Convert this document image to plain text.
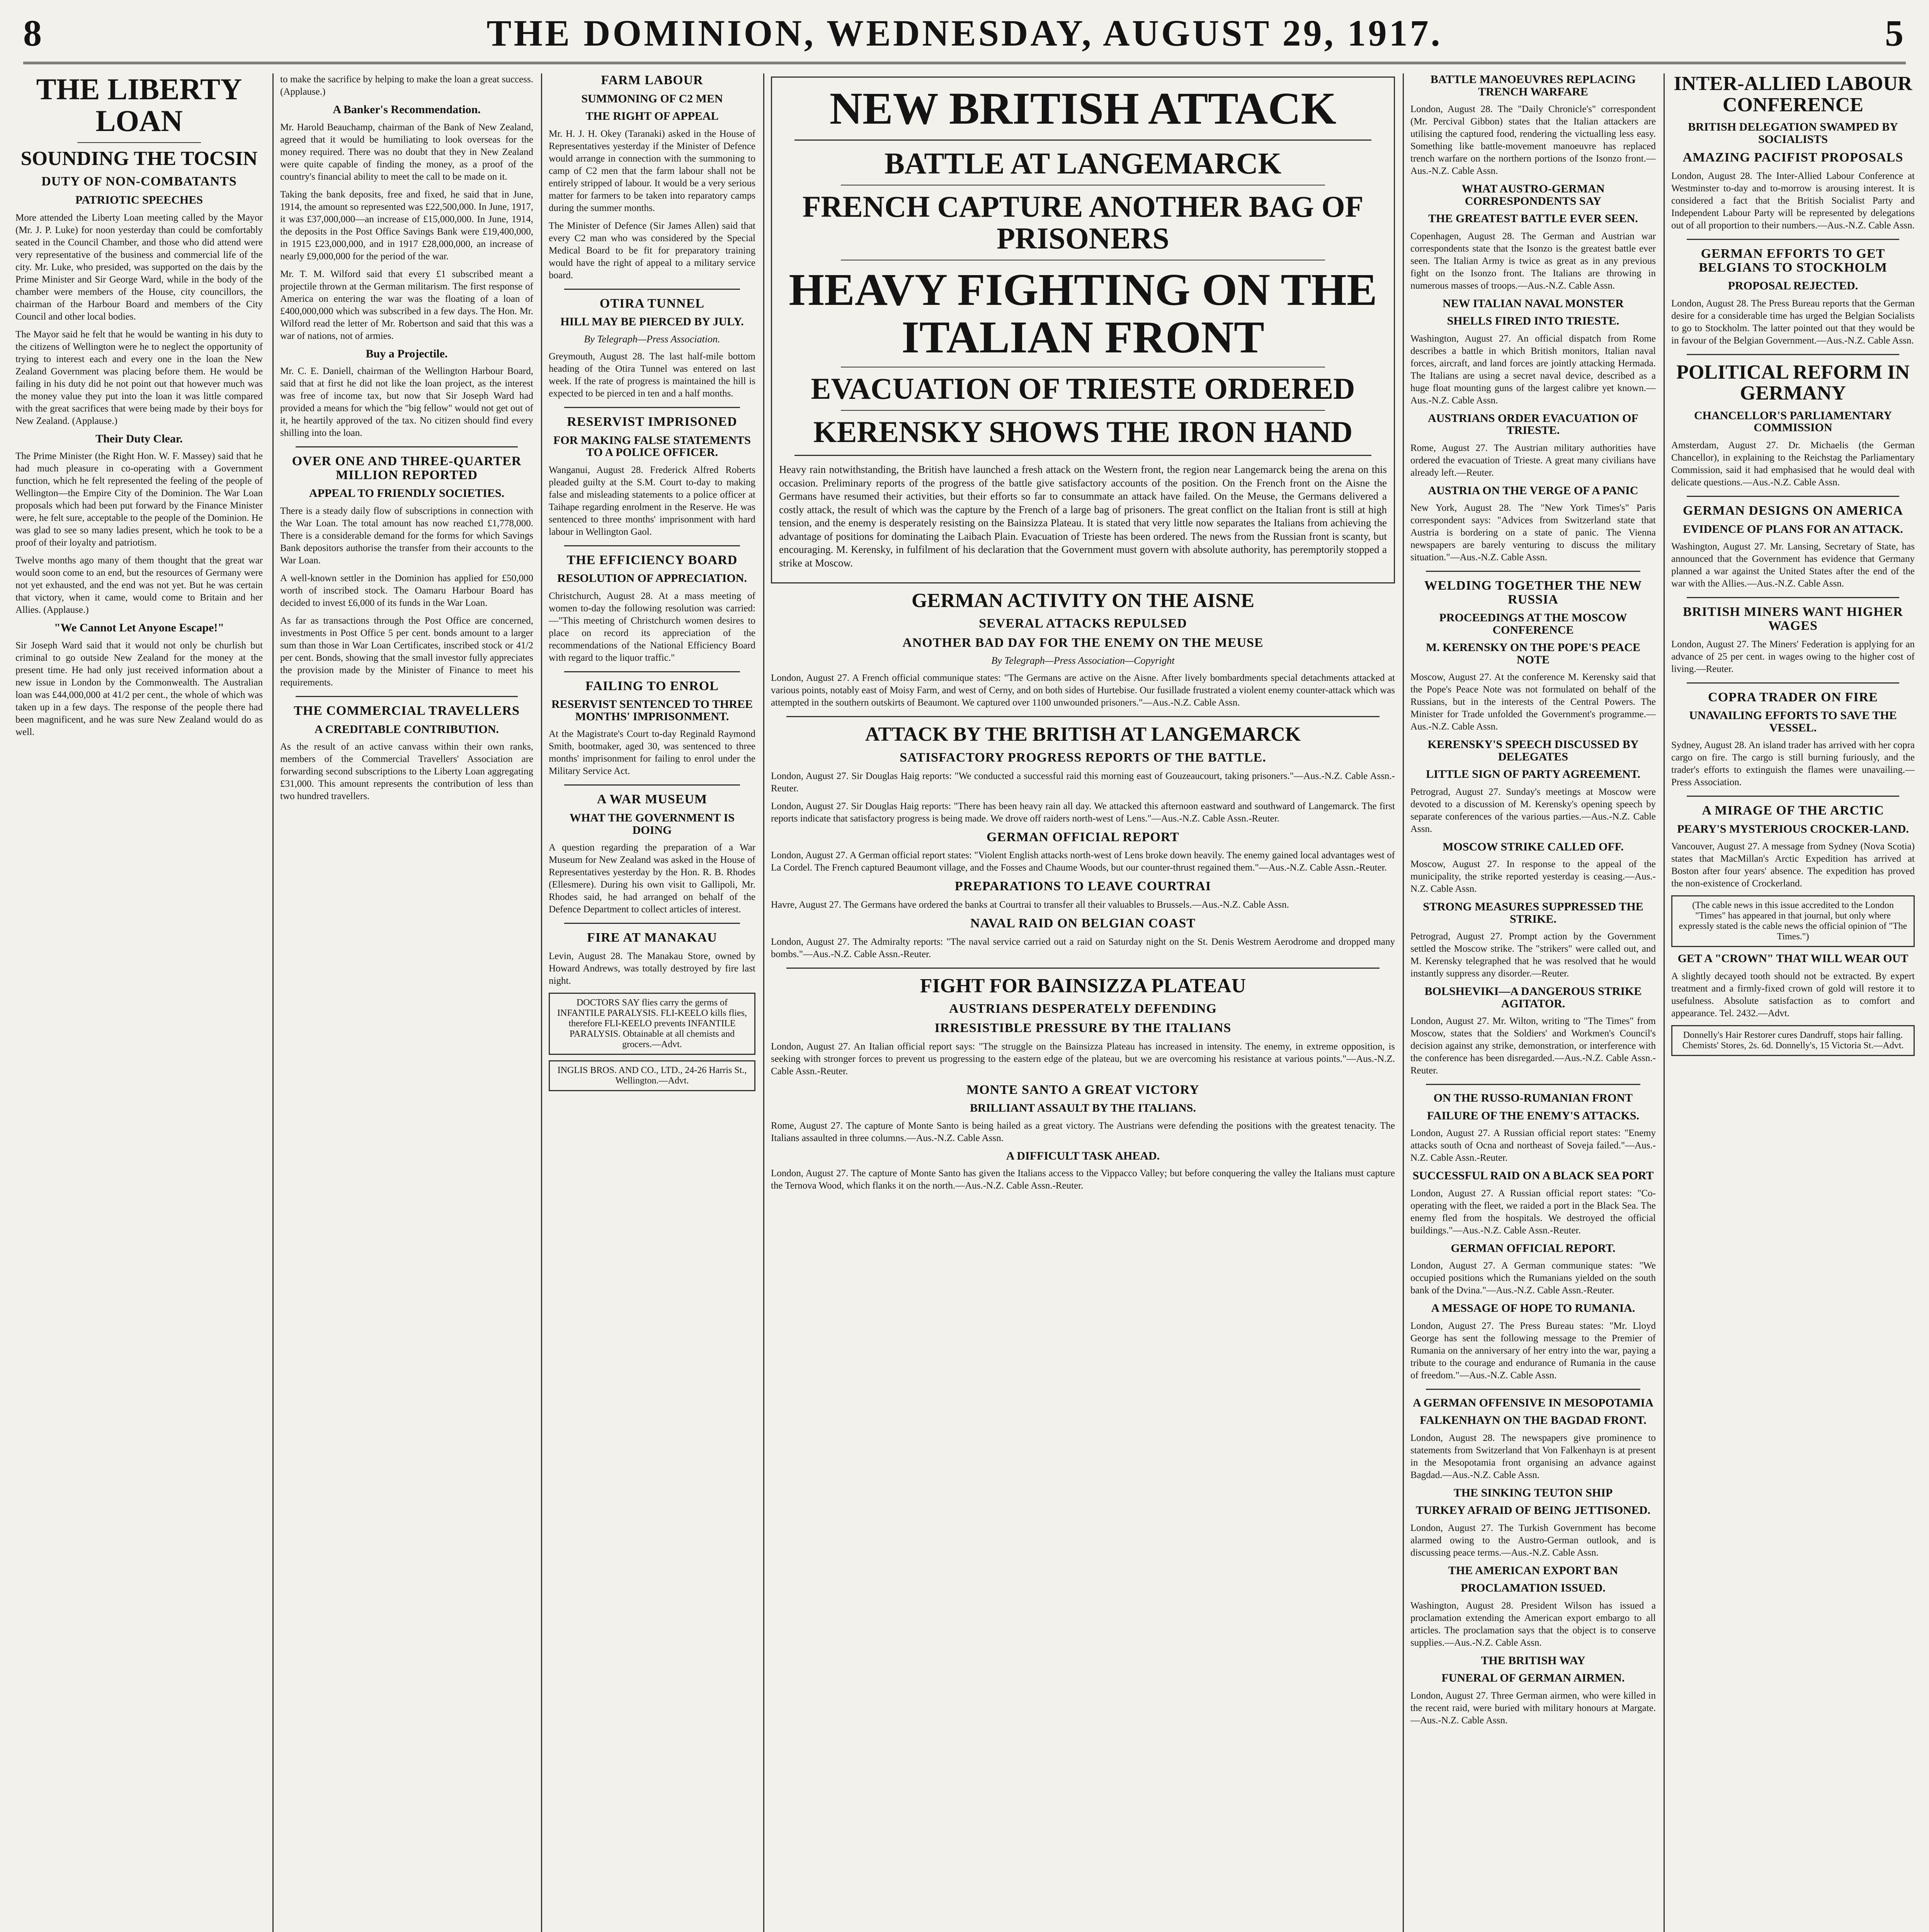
8	THE DOMINION, WEDNESDAY, AUGUST 29, 1917.	5
THE LIBERTY LOAN
SOUNDING THE TOCSIN
DUTY OF NON-COMBATANTS
PATRIOTIC SPEECHES

More attended the Liberty Loan meeting called by the Mayor (Mr. J. P. Luke) for noon yesterday than could be comfortably seated in the Council Chamber, and those who did attend were very representative of the business and commercial life of the city. Mr. Luke, who presided, was supported on the dais by the Prime Minister and Sir George Ward, while in the body of the chamber were members of the House, city councillors, the chairman of the Harbour Board and members of the City Council and other local bodies.

The Mayor said he felt that he would be wanting in his duty to the citizens of Wellington were he to neglect the opportunity of trying to interest each and every one in the loan the New Zealand Government was placing before them. He would be failing in his duty did he not point out that however much was the money value they put into the loan it was little compared with the great sacrifices that were being made by their boys for New Zealand. (Applause.)

Their Duty Clear.

The Prime Minister (the Right Hon. W. F. Massey) said that he had much pleasure in co-operating with a Government function, which he felt represented the feeling of the people of Wellington—the Empire City of the Dominion. The War Loan proposals which had been put forward by the Finance Minister were, he felt sure, acceptable to the people of the Dominion. He was glad to see so many ladies present, which he took to be a proof of their loyalty and patriotism.

Twelve months ago many of them thought that the great war would soon come to an end, but the resources of Germany were not yet exhausted, and the end was not yet. But he was certain that victory, when it came, would come to Britain and her Allies. (Applause.)

"We Cannot Let Anyone Escape!"

Sir Joseph Ward said that it would not only be churlish but criminal to go outside New Zealand for the money at the present time. He had only just received information about a new issue in London by the Commonwealth. The Australian loan was £44,000,000 at 41/2 per cent., the whole of which was taken up in a few days. The response of the people there had been magnificent, and he was sure New Zealand would do as well.

to make the sacrifice by helping to make the loan a great success. (Applause.)

A Banker's Recommendation.

Mr. Harold Beauchamp, chairman of the Bank of New Zealand, agreed that it would be humiliating to look overseas for the money required. There was no doubt that they in New Zealand were quite capable of finding the money, as a proof of the country's financial ability to meet the call to be made on it.

Taking the bank deposits, free and fixed, he said that in June, 1914, the amount so represented was £22,500,000. In June, 1917, it was £37,000,000—an increase of £15,000,000. In June, 1914, the deposits in the Post Office Savings Bank were £19,400,000, in 1915 £23,000,000, and in 1917 £28,000,000, an increase of nearly £9,000,000 for the period of the war.

Mr. T. M. Wilford said that every £1 subscribed meant a projectile thrown at the German militarism. The first response of America on entering the war was the floating of a loan of £400,000,000 which was subscribed in a few days. The Hon. Mr. Wilford read the letter of Mr. Robertson and said that this was a war of nations, not of armies.

Buy a Projectile.

Mr. C. E. Daniell, chairman of the Wellington Harbour Board, said that at first he did not like the loan project, as the interest was free of income tax, but now that Sir Joseph Ward had provided a means for which the "big fellow" would not get out of it, he heartily approved of the tax. No citizen should find every shilling into the loan.

OVER ONE AND THREE-QUARTER MILLION REPORTED
APPEAL TO FRIENDLY SOCIETIES.

There is a steady daily flow of subscriptions in connection with the War Loan. The total amount has now reached £1,778,000. There is a considerable demand for the forms for which Savings Bank depositors authorise the transfer from their accounts to the War Loan.

A well-known settler in the Dominion has applied for £50,000 worth of inscribed stock. The Oamaru Harbour Board has decided to invest £6,000 of its funds in the War Loan.

As far as transactions through the Post Office are concerned, investments in Post Office 5 per cent. bonds amount to a larger sum than those in War Loan Certificates, inscribed stock or 41/2 per cent. Bonds, showing that the small investor fully appreciates the provision made by the Minister of Finance to meet his requirements.

THE COMMERCIAL TRAVELLERS
A CREDITABLE CONTRIBUTION.

As the result of an active canvass within their own ranks, members of the Commercial Travellers' Association are forwarding second subscriptions to the Liberty Loan aggregating £31,000. This amount represents the contribution of less than two hundred travellers.

FARM LABOUR
SUMMONING OF C2 MEN
THE RIGHT OF APPEAL

Mr. H. J. H. Okey (Taranaki) asked in the House of Representatives yesterday if the Minister of Defence would arrange in connection with the summoning to camp of C2 men that the farm labour shall not be entirely stripped of labour. It would be a very serious matter for farmers to be taken into reparatory camps during the summer months.

The Minister of Defence (Sir James Allen) said that every C2 man who was considered by the Special Medical Board to be fit for preparatory training would have the right of appeal to a military service board.

OTIRA TUNNEL
HILL MAY BE PIERCED BY JULY.
By Telegraph—Press Association.

Greymouth, August 28. The last half-mile bottom heading of the Otira Tunnel was entered on last week. If the rate of progress is maintained the hill is expected to be pierced in ten and a half months.

RESERVIST IMPRISONED
FOR MAKING FALSE STATEMENTS TO A POLICE OFFICER.

Wanganui, August 28. Frederick Alfred Roberts pleaded guilty at the S.M. Court to-day to making false and misleading statements to a police officer at Taihape regarding enrolment in the Reserve. He was sentenced to three months' imprisonment with hard labour in Wellington Gaol.

THE EFFICIENCY BOARD
RESOLUTION OF APPRECIATION.

Christchurch, August 28. At a mass meeting of women to-day the following resolution was carried:—"This meeting of Christchurch women desires to place on record its appreciation of the recommendations of the National Efficiency Board with regard to the liquor traffic."

FAILING TO ENROL
RESERVIST SENTENCED TO THREE MONTHS' IMPRISONMENT.

At the Magistrate's Court to-day Reginald Raymond Smith, bootmaker, aged 30, was sentenced to three months' imprisonment for failing to enrol under the Military Service Act.

A WAR MUSEUM
WHAT THE GOVERNMENT IS DOING

A question regarding the preparation of a War Museum for New Zealand was asked in the House of Representatives yesterday by the Hon. R. B. Rhodes (Ellesmere). During his own visit to Gallipoli, Mr. Rhodes said, he had arranged on behalf of the Defence Department to collect articles of interest.

FIRE AT MANAKAU

Levin, August 28. The Manakau Store, owned by Howard Andrews, was totally destroyed by fire last night.

DOCTORS SAY flies carry the germs of INFANTILE PARALYSIS. FLI-KEELO kills flies, therefore FLI-KEELO prevents INFANTILE PARALYSIS. Obtainable at all chemists and grocers.—Advt.
INGLIS BROS. AND CO., LTD., 24-26 Harris St., Wellington.—Advt.
NEW BRITISH ATTACK
BATTLE AT LANGEMARCK
FRENCH CAPTURE ANOTHER BAG OF PRISONERS
HEAVY FIGHTING ON THE ITALIAN FRONT
EVACUATION OF TRIESTE ORDERED
KERENSKY SHOWS THE IRON HAND

Heavy rain notwithstanding, the British have launched a fresh attack on the Western front, the region near Langemarck being the arena on this occasion. Preliminary reports of the progress of the battle give satisfactory accounts of the position. On the French front on the Aisne the Germans have resumed their activities, but their efforts so far to consummate an attack have failed. On the Meuse, the Germans delivered a costly attack, the result of which was the capture by the French of a large bag of prisoners. The great conflict on the Italian front is still at high tension, and the enemy is desperately resisting on the Bainsizza Plateau. It is stated that very little now separates the Italians from achieving the advantage of positions for dominating the Laibach Plain. Evacuation of Trieste has been ordered. The news from the Russian front is scanty, but encouraging. M. Kerensky, in fulfilment of his declaration that the Government must govern with absolute authority, has peremptorily stopped a strike at Moscow.

GERMAN ACTIVITY ON THE AISNE
SEVERAL ATTACKS REPULSED
ANOTHER BAD DAY FOR THE ENEMY ON THE MEUSE
By Telegraph—Press Association—Copyright

London, August 27. A French official communique states: "The Germans are active on the Aisne. After lively bombardments special detachments attacked at various points, notably east of Moisy Farm, and west of Cerny, and on both sides of Hurtebise. Our fusillade frustrated a violent enemy counter-attack which was attempted in the southern outskirts of Beaumont. We captured over 1100 unwounded prisoners."—Aus.-N.Z. Cable Assn.

ATTACK BY THE BRITISH AT LANGEMARCK
SATISFACTORY PROGRESS REPORTS OF THE BATTLE.

London, August 27. Sir Douglas Haig reports: "We conducted a successful raid this morning east of Gouzeaucourt, taking prisoners."—Aus.-N.Z. Cable Assn.-Reuter.

London, August 27. Sir Douglas Haig reports: "There has been heavy rain all day. We attacked this afternoon eastward and southward of Langemarck. The first reports indicate that satisfactory progress is being made. We drove off raiders north-west of Lens."—Aus.-N.Z. Cable Assn.-Reuter.

GERMAN OFFICIAL REPORT

London, August 27. A German official report states: "Violent English attacks north-west of Lens broke down heavily. The enemy gained local advantages west of La Cordel. The French captured Beaumont village, and the Fosses and Chaume Woods, but our counter-thrust regained them."—Aus.-N.Z. Cable Assn.-Reuter.

PREPARATIONS TO LEAVE COURTRAI

Havre, August 27. The Germans have ordered the banks at Courtrai to transfer all their valuables to Brussels.—Aus.-N.Z. Cable Assn.

NAVAL RAID ON BELGIAN COAST

London, August 27. The Admiralty reports: "The naval service carried out a raid on Saturday night on the St. Denis Westrem Aerodrome and dropped many bombs."—Aus.-N.Z. Cable Assn.-Reuter.

FIGHT FOR BAINSIZZA PLATEAU
AUSTRIANS DESPERATELY DEFENDING
IRRESISTIBLE PRESSURE BY THE ITALIANS

London, August 27. An Italian official report says: "The struggle on the Bainsizza Plateau has increased in intensity. The enemy, in extreme opposition, is seeking with stronger forces to prevent us progressing to the eastern edge of the plateau, but we are overcoming his resistance at various points."—Aus.-N.Z. Cable Assn.-Reuter.

MONTE SANTO A GREAT VICTORY
BRILLIANT ASSAULT BY THE ITALIANS.

Rome, August 27. The capture of Monte Santo is being hailed as a great victory. The Austrians were defending the positions with the greatest tenacity. The Italians assaulted in three columns.—Aus.-N.Z. Cable Assn.

A DIFFICULT TASK AHEAD.

London, August 27. The capture of Monte Santo has given the Italians access to the Vippacco Valley; but before conquering the valley the Italians must capture the Ternova Wood, which flanks it on the north.—Aus.-N.Z. Cable Assn.-Reuter.

BATTLE MANOEUVRES REPLACING TRENCH WARFARE

London, August 28. The "Daily Chronicle's" correspondent (Mr. Percival Gibbon) states that the Italian attackers are utilising the captured food, rendering the victualling less easy. Something like battle-movement manoeuvre has replaced trench warfare on the northern portions of the Isonzo front.—Aus.-N.Z. Cable Assn.

WHAT AUSTRO-GERMAN CORRESPONDENTS SAY
THE GREATEST BATTLE EVER SEEN.

Copenhagen, August 28. The German and Austrian war correspondents state that the Isonzo is the greatest battle ever seen. The Italian Army is twice as great as in any previous fight on the Isonzo front. The Italians are throwing in numerous masses of troops.—Aus.-N.Z. Cable Assn.

NEW ITALIAN NAVAL MONSTER
SHELLS FIRED INTO TRIESTE.

Washington, August 27. An official dispatch from Rome describes a battle in which British monitors, Italian naval forces, aircraft, and land forces are jointly attacking Hermada. The Italians are using a secret naval device, described as a huge float mounting guns of the largest calibre yet known.—Aus.-N.Z. Cable Assn.

AUSTRIANS ORDER EVACUATION OF TRIESTE.

Rome, August 27. The Austrian military authorities have ordered the evacuation of Trieste. A great many civilians have already left.—Reuter.

AUSTRIA ON THE VERGE OF A PANIC

New York, August 28. The "New York Times's" Paris correspondent says: "Advices from Switzerland state that Austria is bordering on a state of panic. The Vienna newspapers are barely venturing to discuss the military situation."—Aus.-N.Z. Cable Assn.

WELDING TOGETHER THE NEW RUSSIA
PROCEEDINGS AT THE MOSCOW CONFERENCE
M. KERENSKY ON THE POPE'S PEACE NOTE

Moscow, August 27. At the conference M. Kerensky said that the Pope's Peace Note was not formulated on behalf of the Russians, but in the interests of the Central Powers. The Minister for Trade unfolded the Government's programme.—Aus.-N.Z. Cable Assn.

KERENSKY'S SPEECH DISCUSSED BY DELEGATES
LITTLE SIGN OF PARTY AGREEMENT.

Petrograd, August 27. Sunday's meetings at Moscow were devoted to a discussion of M. Kerensky's opening speech by separate conferences of the various parties.—Aus.-N.Z. Cable Assn.

MOSCOW STRIKE CALLED OFF.

Moscow, August 27. In response to the appeal of the municipality, the strike reported yesterday is ceasing.—Aus.-N.Z. Cable Assn.

STRONG MEASURES SUPPRESSED THE STRIKE.

Petrograd, August 27. Prompt action by the Government settled the Moscow strike. The "strikers" were called out, and M. Kerensky telegraphed that he was resolved that he would instantly suppress any disorder.—Reuter.

BOLSHEVIKI—A DANGEROUS STRIKE AGITATOR.

London, August 27. Mr. Wilton, writing to "The Times" from Moscow, states that the Soldiers' and Workmen's Council's decision against any strike, demonstration, or interference with the conference has been disregarded.—Aus.-N.Z. Cable Assn.-Reuter.

ON THE RUSSO-RUMANIAN FRONT
FAILURE OF THE ENEMY'S ATTACKS.

London, August 27. A Russian official report states: "Enemy attacks south of Ocna and northeast of Soveja failed."—Aus.-N.Z. Cable Assn.-Reuter.

SUCCESSFUL RAID ON A BLACK SEA PORT

London, August 27. A Russian official report states: "Co-operating with the fleet, we raided a port in the Black Sea. The enemy fled from the hospitals. We destroyed the official buildings."—Aus.-N.Z. Cable Assn.-Reuter.

GERMAN OFFICIAL REPORT.

London, August 27. A German communique states: "We occupied positions which the Rumanians yielded on the south bank of the Dvina."—Aus.-N.Z. Cable Assn.-Reuter.

A MESSAGE OF HOPE TO RUMANIA.

London, August 27. The Press Bureau states: "Mr. Lloyd George has sent the following message to the Premier of Rumania on the anniversary of her entry into the war, paying a tribute to the courage and endurance of Rumania in the cause of freedom."—Aus.-N.Z. Cable Assn.

A GERMAN OFFENSIVE IN MESOPOTAMIA
FALKENHAYN ON THE BAGDAD FRONT.

London, August 28. The newspapers give prominence to statements from Switzerland that Von Falkenhayn is at present in the Mesopotamia front organising an advance against Bagdad.—Aus.-N.Z. Cable Assn.

THE SINKING TEUTON SHIP
TURKEY AFRAID OF BEING JETTISONED.

London, August 27. The Turkish Government has become alarmed owing to the Austro-German outlook, and is discussing peace terms.—Aus.-N.Z. Cable Assn.

THE AMERICAN EXPORT BAN
PROCLAMATION ISSUED.

Washington, August 28. President Wilson has issued a proclamation extending the American export embargo to all articles. The proclamation says that the object is to conserve supplies.—Aus.-N.Z. Cable Assn.

THE BRITISH WAY
FUNERAL OF GERMAN AIRMEN.

London, August 27. Three German airmen, who were killed in the recent raid, were buried with military honours at Margate.—Aus.-N.Z. Cable Assn.

INTER-ALLIED LABOUR CONFERENCE
BRITISH DELEGATION SWAMPED BY SOCIALISTS
AMAZING PACIFIST PROPOSALS

London, August 28. The Inter-Allied Labour Conference at Westminster to-day and to-morrow is arousing interest. It is considered a fact that the British Socialist Party and Independent Labour Party will be represented by delegations out of all proportion to their numbers.—Aus.-N.Z. Cable Assn.

GERMAN EFFORTS TO GET BELGIANS TO STOCKHOLM
PROPOSAL REJECTED.

London, August 28. The Press Bureau reports that the German desire for a considerable time has urged the Belgian Socialists to go to Stockholm. The latter pointed out that they would be in favour of the Belgian Government.—Aus.-N.Z. Cable Assn.

POLITICAL REFORM IN GERMANY
CHANCELLOR'S PARLIAMENTARY COMMISSION

Amsterdam, August 27. Dr. Michaelis (the German Chancellor), in explaining to the Reichstag the Parliamentary Commission, said it had emphasised that he would deal with delicate questions.—Aus.-N.Z. Cable Assn.

GERMAN DESIGNS ON AMERICA
EVIDENCE OF PLANS FOR AN ATTACK.

Washington, August 27. Mr. Lansing, Secretary of State, has announced that the Government has evidence that Germany planned a war against the United States after the end of the war with the Allies.—Aus.-N.Z. Cable Assn.

BRITISH MINERS WANT HIGHER WAGES

London, August 27. The Miners' Federation is applying for an advance of 25 per cent. in wages owing to the higher cost of living.—Reuter.

COPRA TRADER ON FIRE
UNAVAILING EFFORTS TO SAVE THE VESSEL.

Sydney, August 28. An island trader has arrived with her copra cargo on fire. The cargo is still burning furiously, and the trader's efforts to extinguish the flames were unavailing.—Press Association.

A MIRAGE OF THE ARCTIC
PEARY'S MYSTERIOUS CROCKER-LAND.

Vancouver, August 27. A message from Sydney (Nova Scotia) states that MacMillan's Arctic Expedition has arrived at Boston after four years' absence. The expedition has proved the non-existence of Crockerland.

(The cable news in this issue accredited to the London "Times" has appeared in that journal, but only where expressly stated is the cable news the official opinion of "The Times.")
GET A "CROWN" THAT WILL WEAR OUT

A slightly decayed tooth should not be extracted. By expert treatment and a firmly-fixed crown of gold will restore it to usefulness. Absolute satisfaction as to comfort and appearance. Tel. 2432.—Advt.

Donnelly's Hair Restorer cures Dandruff, stops hair falling. Chemists' Stores, 2s. 6d. Donnelly's, 15 Victoria St.—Advt.
